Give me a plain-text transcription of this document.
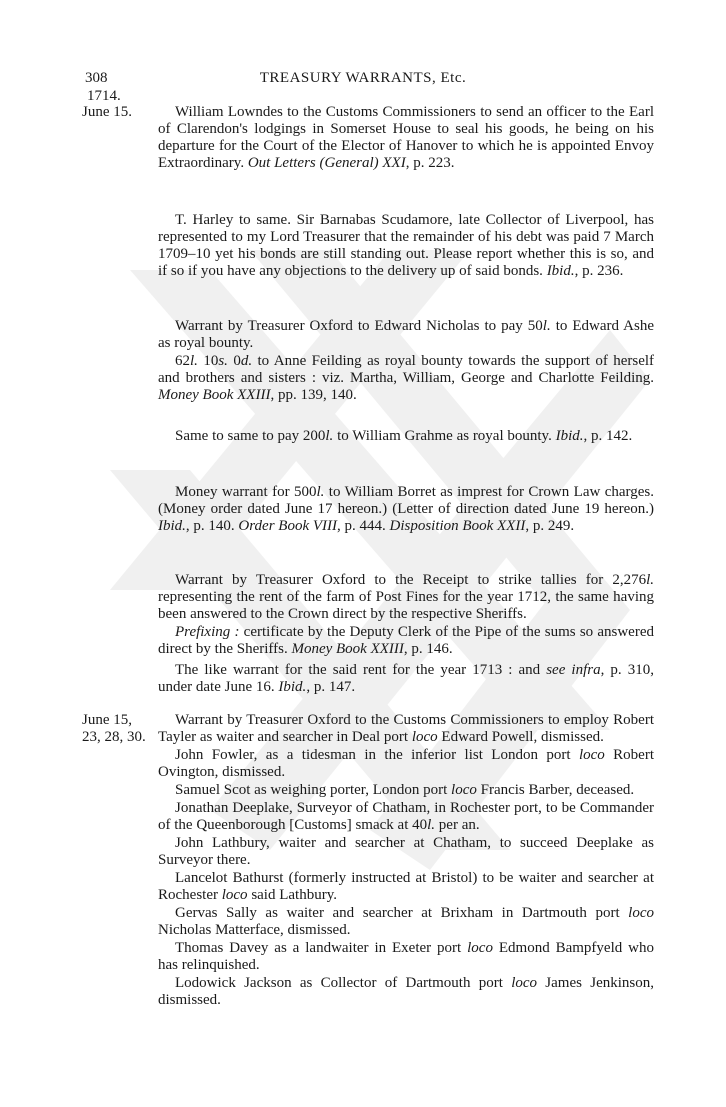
308	TREASURY WARRANTS, Etc.
1714.
June 15.	William Lowndes to the Customs Commissioners to send an officer to the Earl of Clarendon's lodgings in Somerset House to seal his goods, he being on his departure for the Court of the Elector of Hanover to which he is appointed Envoy Extraordinary. Out Letters (General) XXI, p. 223.

T. Harley to same. Sir Barnabas Scudamore, late Collector of Liverpool, has represented to my Lord Treasurer that the remainder of his debt was paid 7 March 1709–10 yet his bonds are still standing out. Please report whether this is so, and if so if you have any objections to the delivery up of said bonds. Ibid., p. 236.

Warrant by Treasurer Oxford to Edward Nicholas to pay 50l. to Edward Ashe as royal bounty.

62l. 10s. 0d. to Anne Feilding as royal bounty towards the support of herself and brothers and sisters : viz. Martha, William, George and Charlotte Feilding. Money Book XXIII, pp. 139, 140.

Same to same to pay 200l. to William Grahme as royal bounty. Ibid., p. 142.

Money warrant for 500l. to William Borret as imprest for Crown Law charges. (Money order dated June 17 hereon.) (Letter of direction dated June 19 hereon.) Ibid., p. 140. Order Book VIII, p. 444. Disposition Book XXII, p. 249.

Warrant by Treasurer Oxford to the Receipt to strike tallies for 2,276l. representing the rent of the farm of Post Fines for the year 1712, the same having been answered to the Crown direct by the respective Sheriffs.

Prefixing : certificate by the Deputy Clerk of the Pipe of the sums so answered direct by the Sheriffs. Money Book XXIII, p. 146.

The like warrant for the said rent for the year 1713 : and see infra, p. 310, under date June 16. Ibid., p. 147.

June 15,
23, 28, 30.

Warrant by Treasurer Oxford to the Customs Commissioners to employ Robert Tayler as waiter and searcher in Deal port loco Edward Powell, dismissed.

John Fowler, as a tidesman in the inferior list London port loco Robert Ovington, dismissed.

Samuel Scot as weighing porter, London port loco Francis Barber, deceased.

Jonathan Deeplake, Surveyor of Chatham, in Rochester port, to be Commander of the Queenborough [Customs] smack at 40l. per an.

John Lathbury, waiter and searcher at Chatham, to succeed Deeplake as Surveyor there.

Lancelot Bathurst (formerly instructed at Bristol) to be waiter and searcher at Rochester loco said Lathbury.

Gervas Sally as waiter and searcher at Brixham in Dartmouth port loco Nicholas Matterface, dismissed.

Thomas Davey as a landwaiter in Exeter port loco Edmond Bampfyeld who has relinquished.

Lodowick Jackson as Collector of Dartmouth port loco James Jenkinson, dismissed.
